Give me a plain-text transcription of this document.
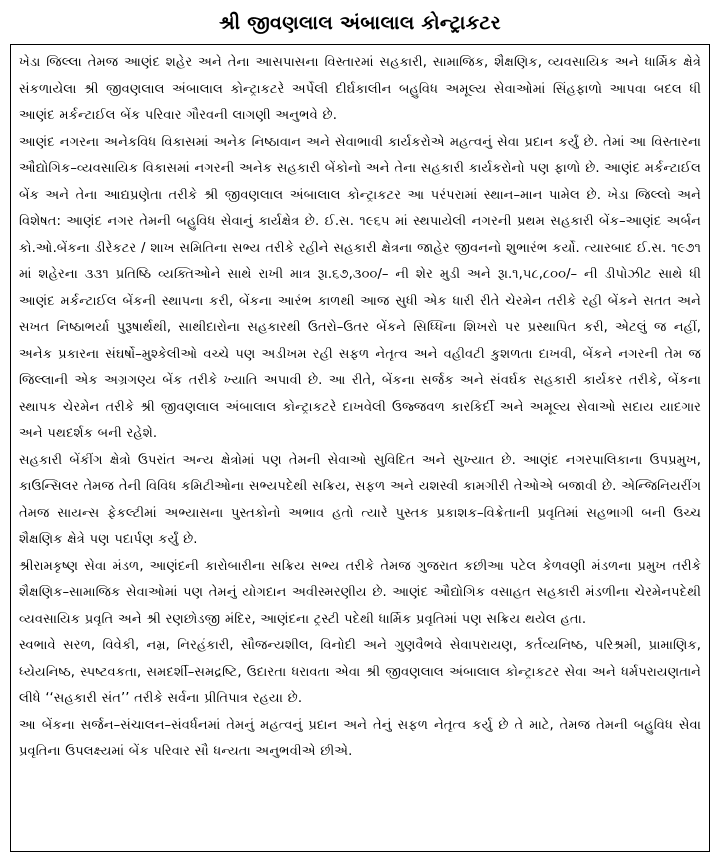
શ્રી જીવણલાલ અંબાલાલ કોન્ટ્રાકટર

ખેડા જિલ્લા તેમજ આણંદ શહેર અને તેના આસપાસના વિસ્તારમાં સહકારી, સામાજિક, શૈક્ષણિક, વ્યવસાયિક અને ધાર્મિક ક્ષેત્રે સંકળાયેલા શ્રી જીવણલાલ અંબાલાલ કોન્ટ્રાકટરે અર્પેલી દીર્ઘકાલીન બહુવિધ અમૂલ્ય સેવાઓમાં સિંહફાળો આપવા બદલ ધી આણંદ મર્કન્ટાઈલ બેંક પરિવાર ગૌરવની લાગણી અનુભવે છે.

આણંદ નગરના અનેકવિધ વિકાસમાં અનેક નિષ્ઠાવાન અને સેવાભાવી કાર્યકરોએ મહત્વનું સેવા પ્રદાન કર્યું છે. તેમાં આ વિસ્તારના ઔદ્યોગિક–વ્યવસાયિક વિકાસમાં નગરની અનેક સહકારી બેંકોનો અને તેના સહકારી કાર્યકરોનો પણ ફાળો છે. આણંદ મર્કન્ટાઈલ બેંક અને તેના આદ્યપ્રણેતા તરીકે શ્રી જીવણલાલ અંબાલાલ કોન્ટ્રાકટર આ પરંપરામાં સ્થાન–માન પામેલ છે. ખેડા જિલ્લો અને વિશેષત: આણંદ નગર તેમની બહુવિધ સેવાનું કાર્યક્ષેત્ર છે. ઈ.સ. ૧૯૬૫ માં સ્થપાયેલી નગરની પ્રથમ સહકારી બેંક–આણંદ અર્બન કો.ઓ.બેંકના ડીરેકટર / શાખ સમિતિના સભ્ય તરીકે રહીને સહકારી ક્ષેત્રના જાહેર જીવનનો શુભારંભ કર્યો. ત્યારબાદ ઈ.સ. ૧૯૭૧ માં શહેરના ૩૩૧ પ્રતિષ્ઠિ વ્યક્તિઓને સાથે રાખી માત્ર રૂા.૬૭,૩૦૦/– ની શેર મુડી અને રૂા.૧,૫૮,૮૦૦/– ની ડીપોઝીટ સાથે ધી આણંદ મર્કન્ટાઈલ બેંકની સ્થાપના કરી, બેંકના આરંભ કાળથી આજ સુધી એક ધારી રીતે ચેરમેન તરીકે રહી બેંકને સતત અને સખત નિષ્ઠાભર્યા પુરૂષાર્થથી, સાથીદારોના સહકારથી ઉતરો–ઉતર બેંકને સિધ્ધિના શિખરો પર પ્રસ્થાપિત કરી, એટલું જ નહીં, અનેક પ્રકારના સંઘર્ષો–મુશ્કેલીઓ વચ્ચે પણ અડીખમ રહી સફળ નેતૃત્વ અને વહીવટી કુશળતા દાખવી, બેંકને નગરની તેમ જ જિલ્લાની એક અગ્રગણ્ય બેંક તરીકે ખ્યાતિ અપાવી છે. આ રીતે, બેંકના સર્જક અને સંવર્ઘક સહકારી કાર્યકર તરીકે, બેંકના સ્થાપક ચેરમેન તરીકે શ્રી જીવણલાલ અંબાલાલ કોન્ટ્રાકટરે દાખવેલી ઉજ્જવળ કારકિર્દી અને અમૂલ્ય સેવાઓ સદાય યાદગાર અને પથદર્શક બની રહેશે.

સહકારી બેંકીંગ ક્ષેત્રો ઉપરાંત અન્ય ક્ષેત્રોમાં પણ તેમની સેવાઓ સુવિદિત અને સુખ્યાત છે. આણંદ નગરપાલિકાના ઉપપ્રમુખ, કાઉન્સિલર તેમજ તેની વિવિધ કમિટીઓના સભ્યપદેથી સક્રિય, સફળ અને યશસ્વી કામગીરી તેઓએ બજાવી છે. એન્જિનિયરીંગ તેમજ સાયન્સ ફેકલ્ટીમાં અભ્યાસના પુસ્તકોનો અભાવ હતો ત્યારે પુસ્તક પ્રકાશક–વિક્રેતાની પ્રવૃતિમાં સહભાગી બની ઉચ્ચ શૈક્ષણિક ક્ષેત્રે પણ પદાર્પણ કર્યું છે.

શ્રીરામકૃષ્ણ સેવા મંડળ, આણંદની કારોબારીના સક્રિય સભ્ય તરીકે તેમજ ગુજરાત કછીઆ પટેલ કેળવણી મંડળના પ્રમુખ તરીકે શૈક્ષણિક–સામાજિક સેવાઓમાં પણ તેમનું યોગદાન અવીસ્મરણીય છે. આણંદ ઔદ્યોગિક વસાહત સહકારી મંડળીના ચેરમેનપદેથી વ્યવસાયિક પ્રવૃતિ અને શ્રી રણછોડજી મંદિર, આણંદના ટ્રસ્ટી પદેથી ધાર્મિક પ્રવૃતિમાં પણ સક્રિય થયેલ હતા.

સ્વભાવે સરળ, વિવેકી, નમ્ર, નિરહંકારી, સૌજન્યશીલ, વિનોદી અને ગુણવૈભવે સેવાપરાયણ, કર્તવ્યનિષ્ઠ, પરિશ્રમી, પ્રામાણિક, ધ્યેયનિષ્ઠ, સ્પષ્ટવકતા, સમદર્શી–સમદ્રષ્ટિ, ઉદારતા ધરાવતા એવા શ્રી જીવણલાલ અંબાલાલ કોન્ટ્રાકટર સેવા અને ધર્મપરાયણતાને લીધે ‘‘સહકારી સંત’’ તરીકે સર્વના પ્રીતિપાત્ર રહયા છે.

આ બેંકના સર્જન–સંચાલન–સંવર્ધનમાં તેમનું મહત્વનું પ્રદાન અને તેનું સફળ નેતૃત્વ કર્યુ છે તે માટે, તેમજ તેમની બહુવિધ સેવા પ્રવૃતિના ઉપલક્ષ્યમાં બેંક પરિવાર સૌ ધન્યતા અનુભવીએ છીએ.
